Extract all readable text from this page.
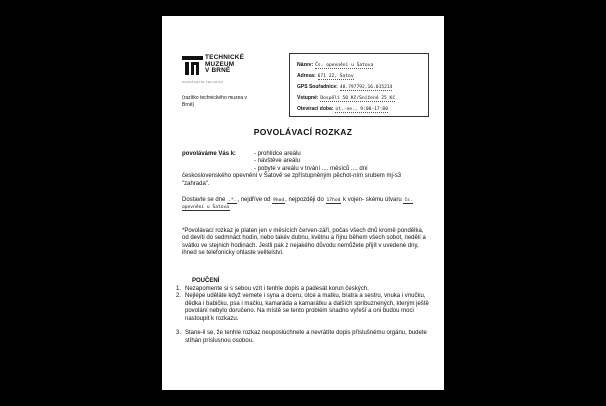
TECHNICKÉ
MUZEUM
V BRNĚ
POZNÁVEJTE TECHNIKU
(razítko technického muzea v Brně)
Název: Čs. opevnění u Šatova
Adresa: 671 22, Šatov
GPS Souřadnice: 48.797792,16.015214
Vstupné: Dospělí 50 Kč/Snížené 25 Kč
Otevírací doba: út.-ne., 9:00-17:00
POVOLÁVACÍ ROZKAZ
povoláváme Vás k:	- prohlídce areálu
- návštěve areálu
- pobyte v areálu v trvání .... měsíců .... dní
československého opevnění v Šatově se zpřístupněným pěchot-ním srubem mj-s3 "zahrada".
Dostavte se dne .*., nejdříve od 9hod, nejpozději do 17hod k vojen- skému útvaru čs. opevnění u Šatova
*Povolávací rozkaz je platen jen v měsících červen-září, počas všech dnů kromě pondělka, od devíti do sedmnáct hodin, nebo takév dubnu, květnu a říjnu během všech sobot, nedělí a svátku ve stejnich hodinách. Jestli pak z nejakého důvodu nemůžete přijít v uvedené dny, ihned se telefonicky ohlaste velitelství.
POUČENÍ
1. Nezapomente si s sebou vzít i tenhle dopis a padesát korun českých.
2. Nejlépe uděláte když vemete i syna a dceru, otce a matku, bratra a sestru, vnuka i vnučku, dědka i babičku, psa i mačku, kamaráda a kamarátku a dalších spríbuznených, kterým ještě povolání nebylo doručeno. Na místě se tento problém snadno vyřeší a oni budou moci nastoupit k rozkazu.
3. Stane-li se, že tenhle rozkaz neuposlúchnete a nevrátíte dopis příslušnému orgánu, budete stíhán príslusnou osobou.
